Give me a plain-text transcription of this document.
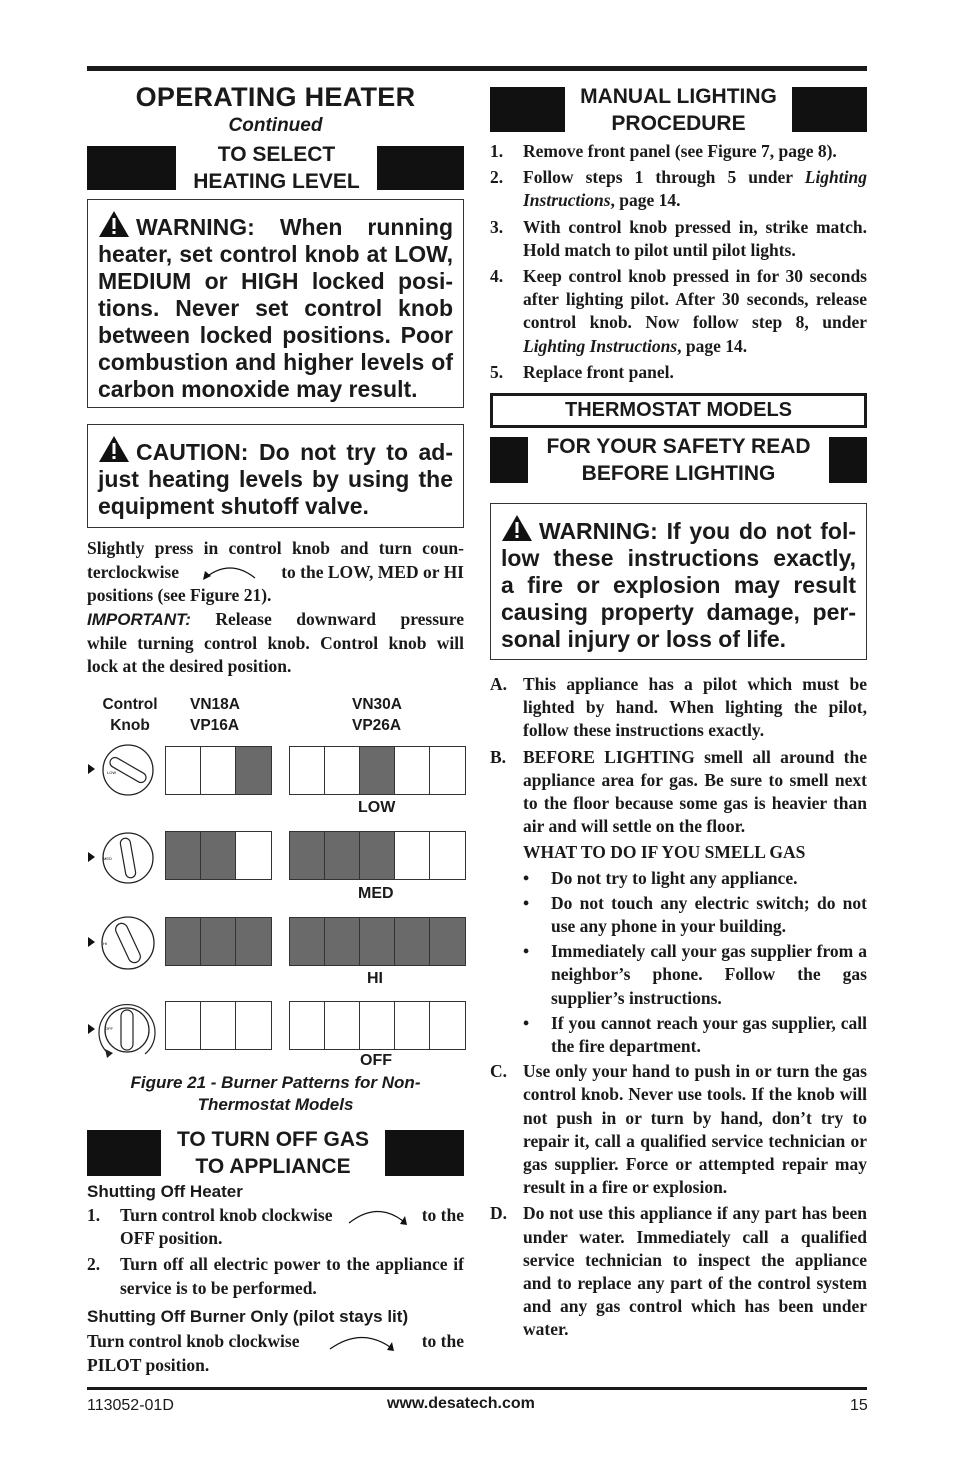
OPERATING HEATER
Continued
TO SELECT
HEATING LEVEL
WARNING: When running
heater, set control knob at LOW,
MEDIUM or HIGH locked posi-
tions. Never set control knob
between locked positions. Poor
combustion and higher levels of
carbon monoxide may result.
CAUTION: Do not try to ad-
just heating levels by using the
equipment shutoff valve.
Slightly press in control knob and turn coun-
terclockwise	to the LOW, MED or HI
positions (see Figure 21).
IMPORTANT: Release downward pressure
while turning control knob. Control knob will
lock at the desired position.
Control
Knob
VN18A
VP16A
VN30A
VP26A
LOW
MED
HI
OFF
LOW
MED
HI
OFF
Figure 21 - Burner Patterns for Non-
Thermostat Models
TO TURN OFF GAS
TO APPLIANCE
Shutting Off Heater
1.	Turn control knob clockwise	to the
OFF position.
2.	Turn off all electric power to the appliance if service is to be performed.
Shutting Off Burner Only (pilot stays lit)
Turn control knob clockwise	to the
PILOT position.
MANUAL LIGHTING
PROCEDURE
1.	Remove front panel (see Figure 7, page 8).
2.	Follow steps 1 through 5 under Lighting Instructions, page 14.
3.	With control knob pressed in, strike match. Hold match to pilot until pilot lights.
4.	Keep control knob pressed in for 30 seconds after lighting pilot. After 30 seconds, release control knob. Now follow step 8, under Lighting Instructions, page 14.
5.	Replace front panel.
THERMOSTAT MODELS
FOR YOUR SAFETY READ
BEFORE LIGHTING
WARNING: If you do not fol-
low these instructions exactly,
a fire or explosion may result
causing property damage, per-
sonal injury or loss of life.
A. This appliance has a pilot which must be lighted by hand. When lighting the pilot, follow these instructions exactly.
B. BEFORE LIGHTING smell all around the appliance area for gas. Be sure to smell next to the floor because some gas is heavier than air and will settle on the floor.
WHAT TO DO IF YOU SMELL GAS
•	Do not try to light any appliance.
•	Do not touch any electric switch; do not use any phone in your building.
•	Immediately call your gas supplier from a neighbor’s phone. Follow the gas supplier’s instructions.
•	If you cannot reach your gas supplier, call the fire department.
C. Use only your hand to push in or turn the gas control knob. Never use tools. If the knob will not push in or turn by hand, don’t try to repair it, call a qualified service technician or gas supplier. Force or attempted repair may result in a fire or explosion.
D. Do not use this appliance if any part has been under water. Immediately call a qualified service technician to inspect the appliance and to replace any part of the control system and any gas control which has been under water.
113052-01D	www.desatech.com	15
